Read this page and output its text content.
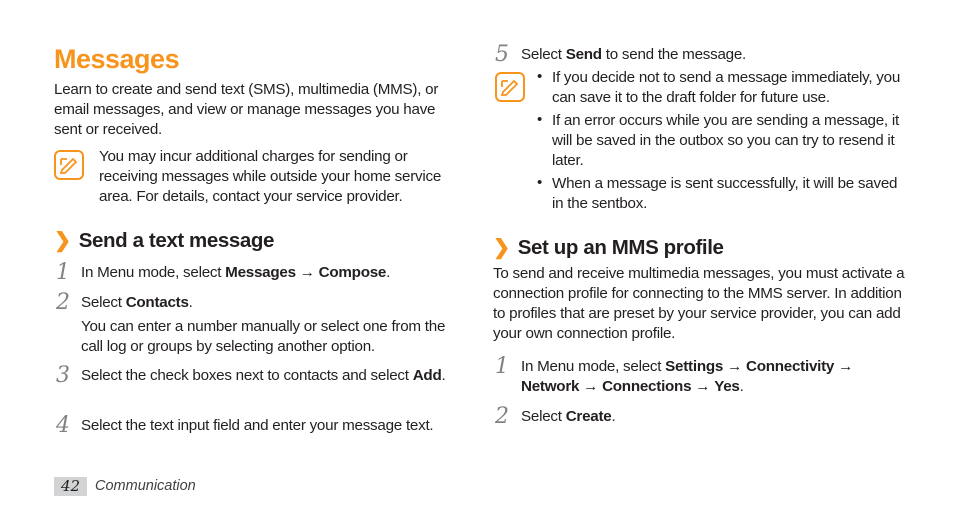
Messages

Learn to create and send text (SMS), multimedia (MMS), or email messages, and view or manage messages you have sent or received.

You may incur additional charges for sending or receiving messages while outside your home service area. For details, contact your service provider.

❯ Send a text message
1 In Menu mode, select Messages → Compose.

2 Select Contacts.

You can enter a number manually or select one from the call log or groups by selecting another option.

3 Select the check boxes next to contacts and select Add.

4 Select the text input field and enter your message text.

5 Select Send to send the message.

• If you decide not to send a message immediately, you can save it to the draft folder for future use.

• If an error occurs while you are sending a message, it will be saved in the outbox so you can try to resend it later.

• When a message is sent successfully, it will be saved in the sentbox.

❯ Set up an MMS profile

To send and receive multimedia messages, you must activate a connection profile for connecting to the MMS server. In addition to profiles that are preset by your service provider, you can add your own connection profile.

1 In Menu mode, select Settings → Connectivity → Network → Connections → Yes.

2 Select Create.

42	Communication
